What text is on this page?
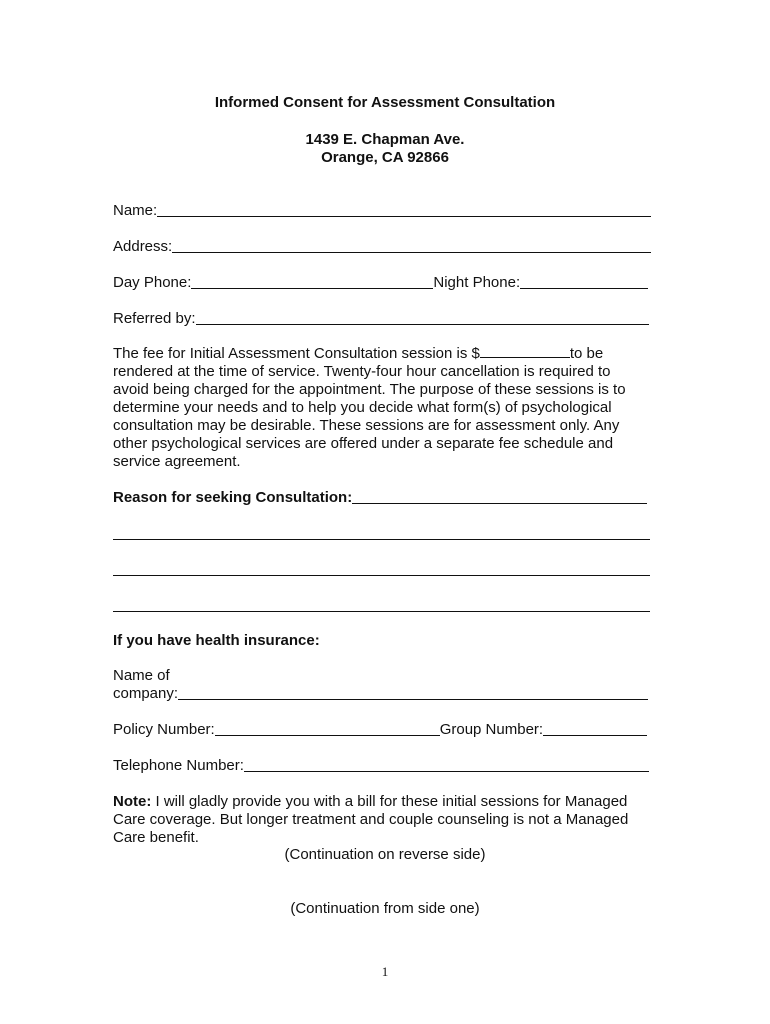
Informed Consent for Assessment Consultation
1439 E. Chapman Ave.
Orange, CA 92866
Name:
Address:
Day Phone:	Night Phone:
Referred by:
The fee for Initial Assessment Consultation session is $	to be
rendered at the time of service. Twenty-four hour cancellation is required to
avoid being charged for the appointment. The purpose of these sessions is to
determine your needs and to help you decide what form(s) of psychological
consultation may be desirable. These sessions are for assessment only. Any
other psychological services are offered under a separate fee schedule and
service agreement.
Reason for seeking Consultation:
If you have health insurance:
Name of
company:
Policy Number:	Group Number:
Telephone Number:
Note: I will gladly provide you with a bill for these initial sessions for Managed
Care coverage. But longer treatment and couple counseling is not a Managed
Care benefit.
(Continuation on reverse side)
(Continuation from side one)
1
